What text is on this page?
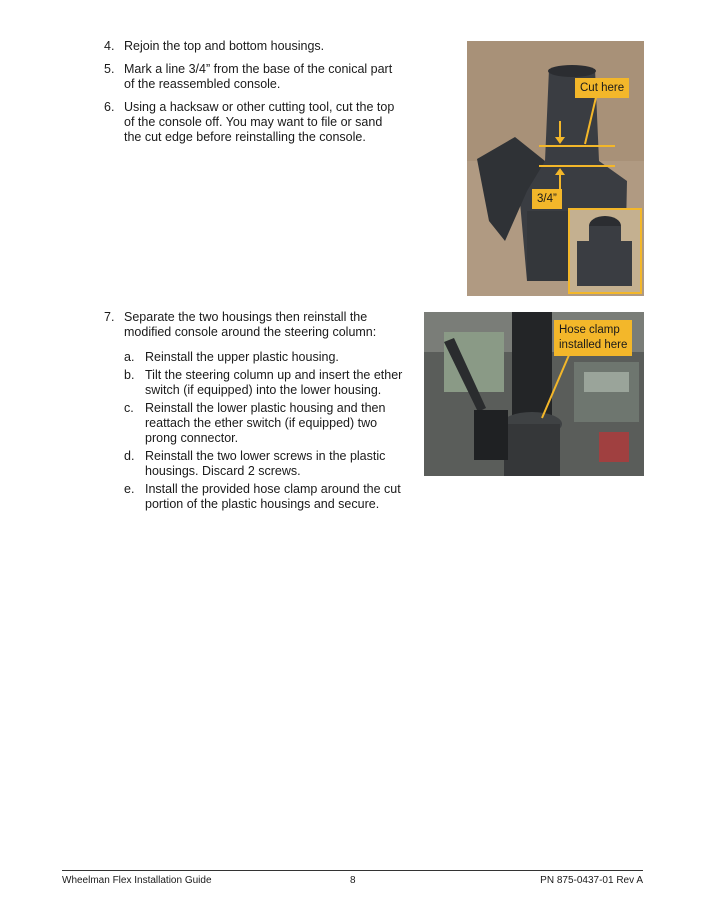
4. Rejoin the top and bottom housings.
5. Mark a line 3/4” from the base of the conical part
of the reassembled console.
6. Using a hacksaw or other cutting tool, cut the top
of the console off. You may want to file or sand
the cut edge before reinstalling the console.
Cut here
3/4”
7. Separate the two housings then reinstall the
modified console around the steering column:
a. Reinstall the upper plastic housing.
b. Tilt the steering column up and insert the ether
switch (if equipped) into the lower housing.
c. Reinstall the lower plastic housing and then
reattach the ether switch (if equipped) two
prong connector.
d. Reinstall the two lower screws in the plastic
housings. Discard 2 screws.
e. Install the provided hose clamp around the cut
portion of the plastic housings and secure.
Hose clamp
installed here
Wheelman Flex Installation Guide	8	PN 875-0437-01 Rev A
